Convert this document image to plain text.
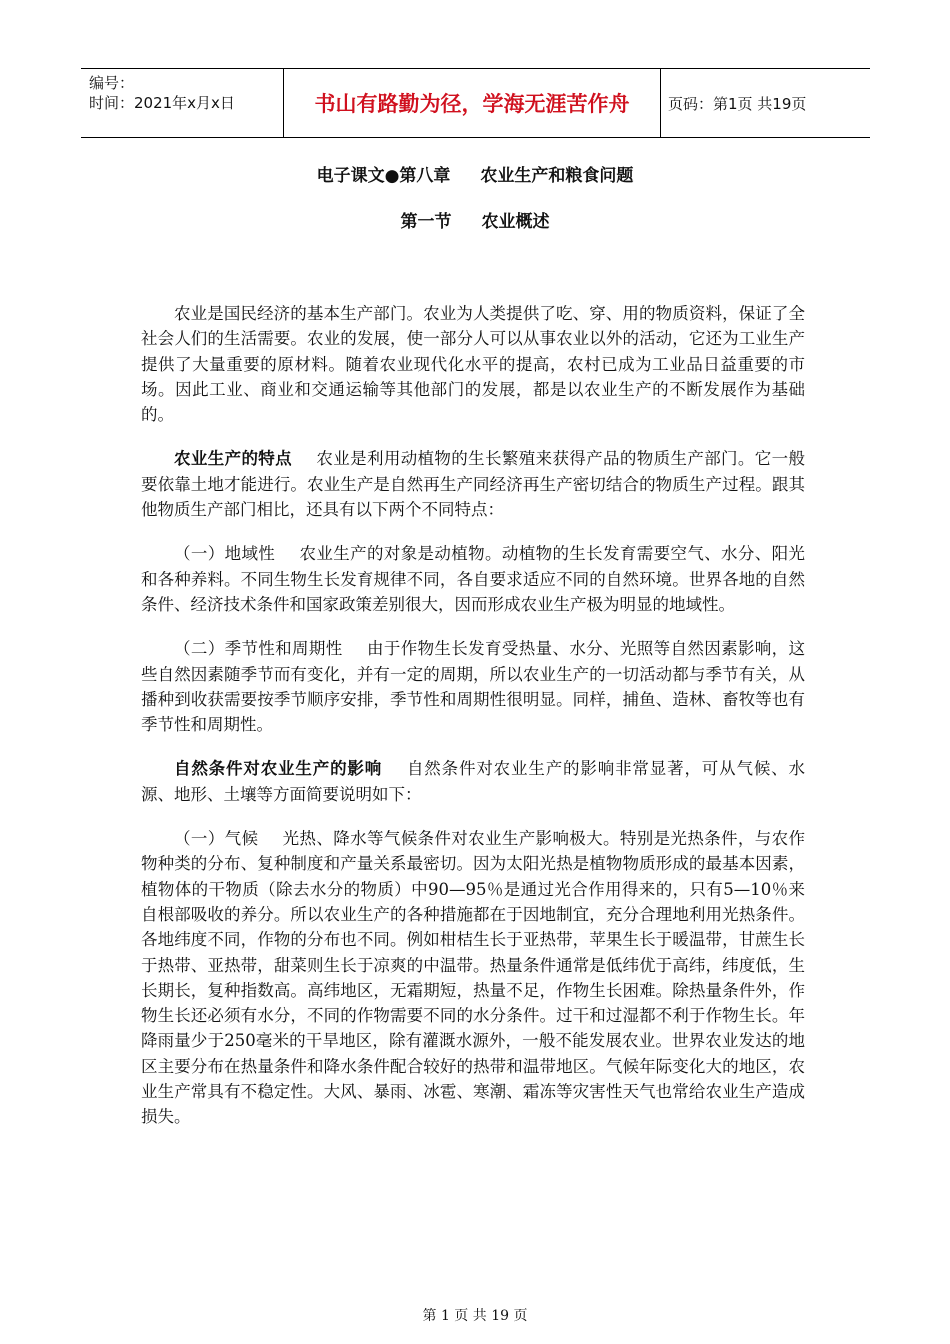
编号：
时间：2021年x月x日	书山有路勤为径，学海无涯苦作舟	页码：第1页 共19页
电子课文●第八章 农业生产和粮食问题
第一节 农业概述

农业是国民经济的基本生产部门。农业为人类提供了吃、穿、用的物质资料，保证了全社会人们的生活需要。农业的发展，使一部分人可以从事农业以外的活动，它还为工业生产提供了大量重要的原材料。随着农业现代化水平的提高，农村已成为工业品日益重要的市场。因此工业、商业和交通运输等其他部门的发展，都是以农业生产的不断发展作为基础的。

农业生产的特点 农业是利用动植物的生长繁殖来获得产品的物质生产部门。它一般要依靠土地才能进行。农业生产是自然再生产同经济再生产密切结合的物质生产过程。跟其他物质生产部门相比，还具有以下两个不同特点：

（一）地域性 农业生产的对象是动植物。动植物的生长发育需要空气、水分、阳光和各种养料。不同生物生长发育规律不同，各自要求适应不同的自然环境。世界各地的自然条件、经济技术条件和国家政策差别很大，因而形成农业生产极为明显的地域性。

（二）季节性和周期性 由于作物生长发育受热量、水分、光照等自然因素影响，这些自然因素随季节而有变化，并有一定的周期，所以农业生产的一切活动都与季节有关，从播种到收获需要按季节顺序安排，季节性和周期性很明显。同样，捕鱼、造林、畜牧等也有季节性和周期性。

自然条件对农业生产的影响 自然条件对农业生产的影响非常显著，可从气候、水源、地形、土壤等方面简要说明如下：

（一）气候 光热、降水等气候条件对农业生产影响极大。特别是光热条件，与农作物种类的分布、复种制度和产量关系最密切。因为太阳光热是植物物质形成的最基本因素，植物体的干物质（除去水分的物质）中90—95％是通过光合作用得来的，只有5—10％来自根部吸收的养分。所以农业生产的各种措施都在于因地制宜，充分合理地利用光热条件。各地纬度不同，作物的分布也不同。例如柑桔生长于亚热带，苹果生长于暖温带，甘蔗生长于热带、亚热带，甜菜则生长于凉爽的中温带。热量条件通常是低纬优于高纬，纬度低，生长期长，复种指数高。高纬地区，无霜期短，热量不足，作物生长困难。除热量条件外，作物生长还必须有水分，不同的作物需要不同的水分条件。过干和过湿都不利于作物生长。年降雨量少于250毫米的干旱地区，除有灌溉水源外，一般不能发展农业。世界农业发达的地区主要分布在热量条件和降水条件配合较好的热带和温带地区。气候年际变化大的地区，农业生产常具有不稳定性。大风、暴雨、冰雹、寒潮、霜冻等灾害性天气也常给农业生产造成损失。

第 1 页 共 19 页
